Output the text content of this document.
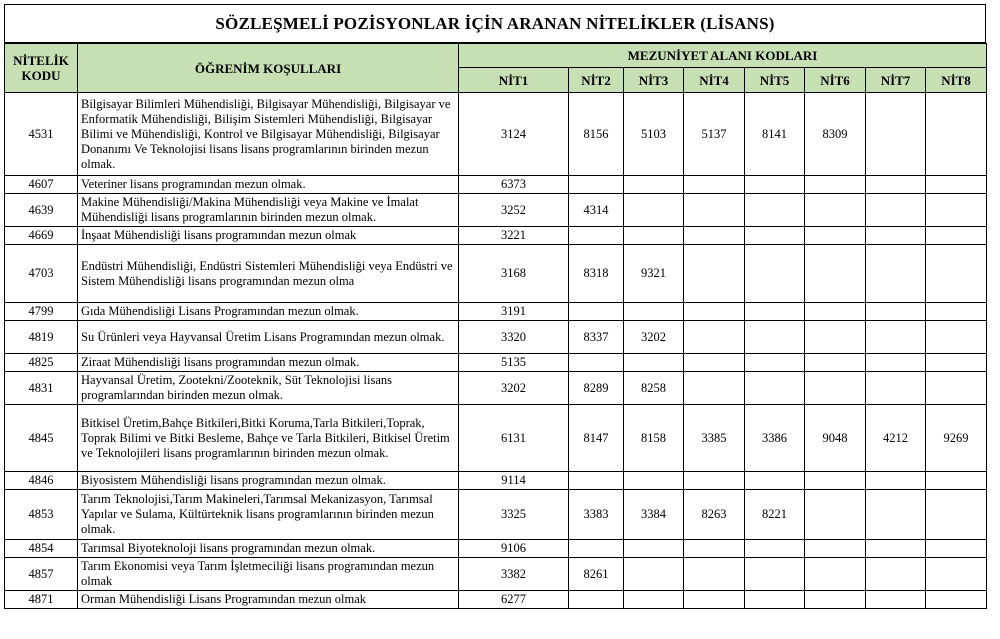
SÖZLEŞMELİ POZİSYONLAR İÇİN ARANAN NİTELİKLER (LİSANS)
NİTELİK
KODU	ÖĞRENİM KOŞULLARI	MEZUNİYET ALANI KODLARI							
		NİT1	NİT2	NİT3	NİT4	NİT5	NİT6	NİT7	NİT8
4531	Bilgisayar Bilimleri Mühendisliği, Bilgisayar Mühendisliği, Bilgisayar ve Enformatik Mühendisliği, Bilişim Sistemleri Mühendisliği, Bilgisayar Bilimi ve Mühendisliği, Kontrol ve Bilgisayar Mühendisliği, Bilgisayar Donanımı Ve Teknolojisi lisans lisans programlarının birinden mezun olmak.	3124	8156	5103	5137	8141	8309		
4607	Veteriner lisans programından mezun olmak.	6373							
4639	Makine Mühendisliği/Makina Mühendisliği veya Makine ve İmalat Mühendisliği lisans programlarının birinden mezun olmak.	3252	4314						
4669	İnşaat Mühendisliği lisans programından mezun olmak	3221							
4703	Endüstri Mühendisliği, Endüstri Sistemleri Mühendisliği veya Endüstri ve Sistem Mühendisliği lisans programından mezun olma	3168	8318	9321					
4799	Gıda Mühendisliği Lisans Programından mezun olmak.	3191							
4819	Su Ürünleri veya Hayvansal Üretim Lisans Programından mezun olmak.	3320	8337	3202					
4825	Ziraat Mühendisliği lisans programından mezun olmak.	5135							
4831	Hayvansal Üretim, Zootekni/Zooteknik, Süt Teknolojisi lisans programlarından birinden mezun olmak.	3202	8289	8258					
4845	Bitkisel Üretim,Bahçe Bitkileri,Bitki Koruma,Tarla Bitkileri,Toprak, Toprak Bilimi ve Bitki Besleme, Bahçe ve Tarla Bitkileri, Bitkisel Üretim ve Teknolojileri lisans programlarının birinden mezun olmak.	6131	8147	8158	3385	3386	9048	4212	9269
4846	Biyosistem Mühendisliği lisans programından mezun olmak.	9114							
4853	Tarım Teknolojisi,Tarım Makineleri,Tarımsal Mekanizasyon, Tarımsal Yapılar ve Sulama, Kültürteknik lisans programlarının birinden mezun olmak.	3325	3383	3384	8263	8221			
4854	Tarımsal Biyoteknoloji lisans programından mezun olmak.	9106							
4857	Tarım Ekonomisi veya Tarım İşletmeciliği lisans programından mezun olmak	3382	8261						
4871	Orman Mühendisliği Lisans Programından mezun olmak	6277							
